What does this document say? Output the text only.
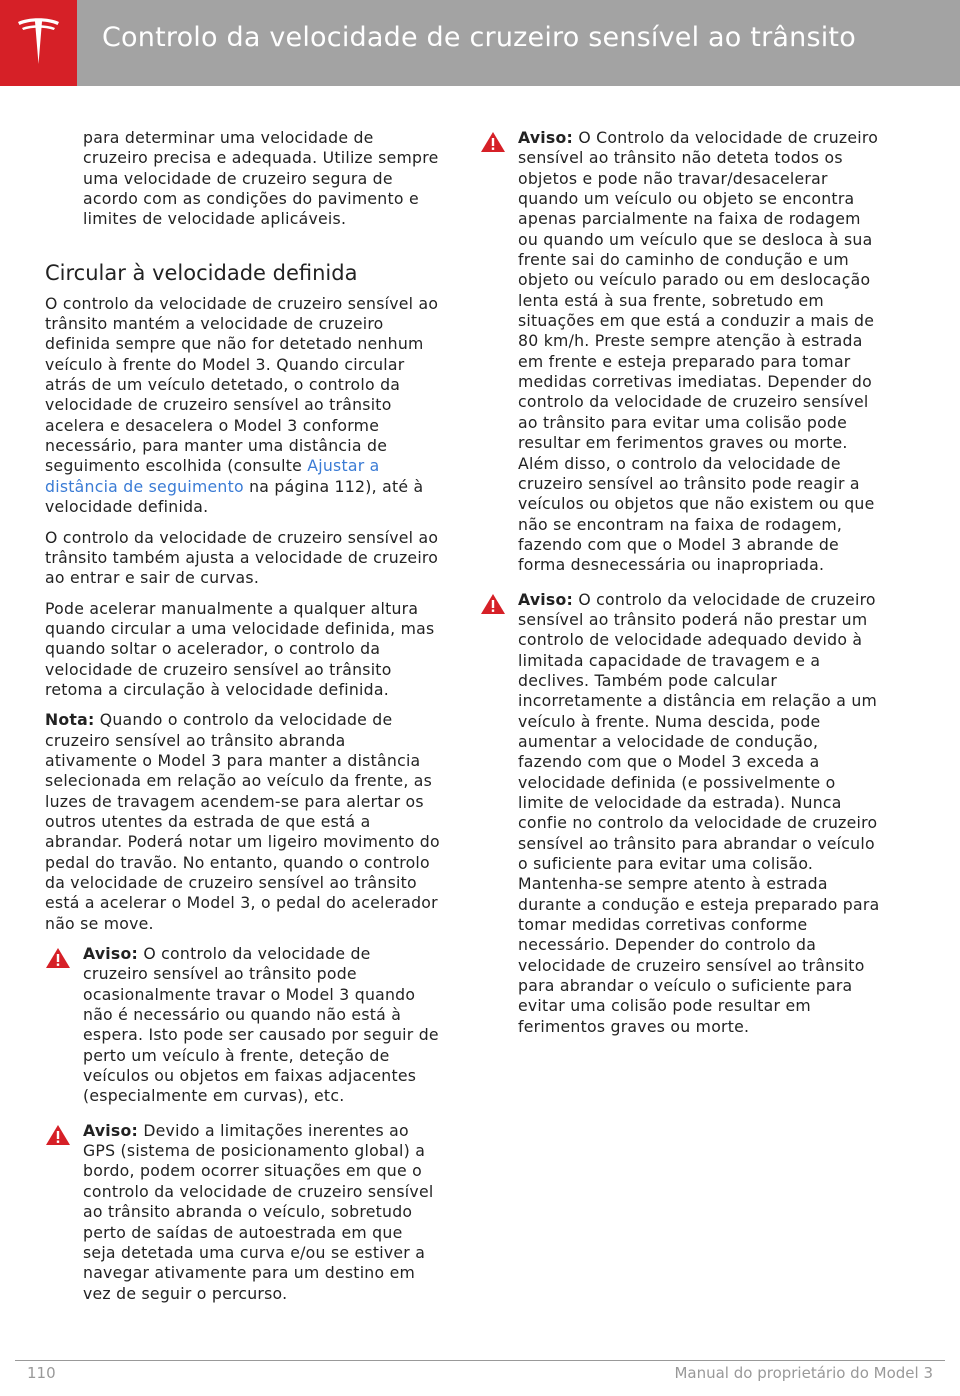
Controlo da velocidade de cruzeiro sensível ao trânsito

para determinar uma velocidade de cruzeiro precisa e adequada. Utilize sempre uma velocidade de cruzeiro segura de acordo com as condições do pavimento e limites de velocidade aplicáveis.

Circular à velocidade definida

O controlo da velocidade de cruzeiro sensível ao trânsito mantém a velocidade de cruzeiro definida sempre que não for detetado nenhum veículo à frente do Model 3. Quando circular atrás de um veículo detetado, o controlo da velocidade de cruzeiro sensível ao trânsito acelera e desacelera o Model 3 conforme necessário, para manter uma distância de seguimento escolhida (consulte Ajustar a distância de seguimento na página 112), até à velocidade definida.

O controlo da velocidade de cruzeiro sensível ao trânsito também ajusta a velocidade de cruzeiro ao entrar e sair de curvas.

Pode acelerar manualmente a qualquer altura quando circular a uma velocidade definida, mas quando soltar o acelerador, o controlo da velocidade de cruzeiro sensível ao trânsito retoma a circulação à velocidade definida.

Nota: Quando o controlo da velocidade de cruzeiro sensível ao trânsito abranda ativamente o Model 3 para manter a distância selecionada em relação ao veículo da frente, as luzes de travagem acendem-se para alertar os outros utentes da estrada de que está a abrandar. Poderá notar um ligeiro movimento do pedal do travão. No entanto, quando o controlo da velocidade de cruzeiro sensível ao trânsito está a acelerar o Model 3, o pedal do acelerador não se move.

Aviso: O controlo da velocidade de cruzeiro sensível ao trânsito pode ocasionalmente travar o Model 3 quando não é necessário ou quando não está à espera. Isto pode ser causado por seguir de perto um veículo à frente, deteção de veículos ou objetos em faixas adjacentes (especialmente em curvas), etc.
Aviso: Devido a limitações inerentes ao GPS (sistema de posicionamento global) a bordo, podem ocorrer situações em que o controlo da velocidade de cruzeiro sensível ao trânsito abranda o veículo, sobretudo perto de saídas de autoestrada em que seja detetada uma curva e/ou se estiver a navegar ativamente para um destino em vez de seguir o percurso.
Aviso: O Controlo da velocidade de cruzeiro sensível ao trânsito não deteta todos os objetos e pode não travar/desacelerar quando um veículo ou objeto se encontra apenas parcialmente na faixa de rodagem ou quando um veículo que se desloca à sua frente sai do caminho de condução e um objeto ou veículo parado ou em deslocação lenta está à sua frente, sobretudo em situações em que está a conduzir a mais de 80 km/h. Preste sempre atenção à estrada em frente e esteja preparado para tomar medidas corretivas imediatas. Depender do controlo da velocidade de cruzeiro sensível ao trânsito para evitar uma colisão pode resultar em ferimentos graves ou morte. Além disso, o controlo da velocidade de cruzeiro sensível ao trânsito pode reagir a veículos ou objetos que não existem ou que não se encontram na faixa de rodagem, fazendo com que o Model 3 abrande de forma desnecessária ou inapropriada.
Aviso: O controlo da velocidade de cruzeiro sensível ao trânsito poderá não prestar um controlo de velocidade adequado devido à limitada capacidade de travagem e a declives. Também pode calcular incorretamente a distância em relação a um veículo à frente. Numa descida, pode aumentar a velocidade de condução, fazendo com que o Model 3 exceda a velocidade definida (e possivelmente o limite de velocidade da estrada). Nunca confie no controlo da velocidade de cruzeiro sensível ao trânsito para abrandar o veículo o suficiente para evitar uma colisão. Mantenha-se sempre atento à estrada durante a condução e esteja preparado para tomar medidas corretivas conforme necessário. Depender do controlo da velocidade de cruzeiro sensível ao trânsito para abrandar o veículo o suficiente para evitar uma colisão pode resultar em ferimentos graves ou morte.
110	Manual do proprietário do Model 3
